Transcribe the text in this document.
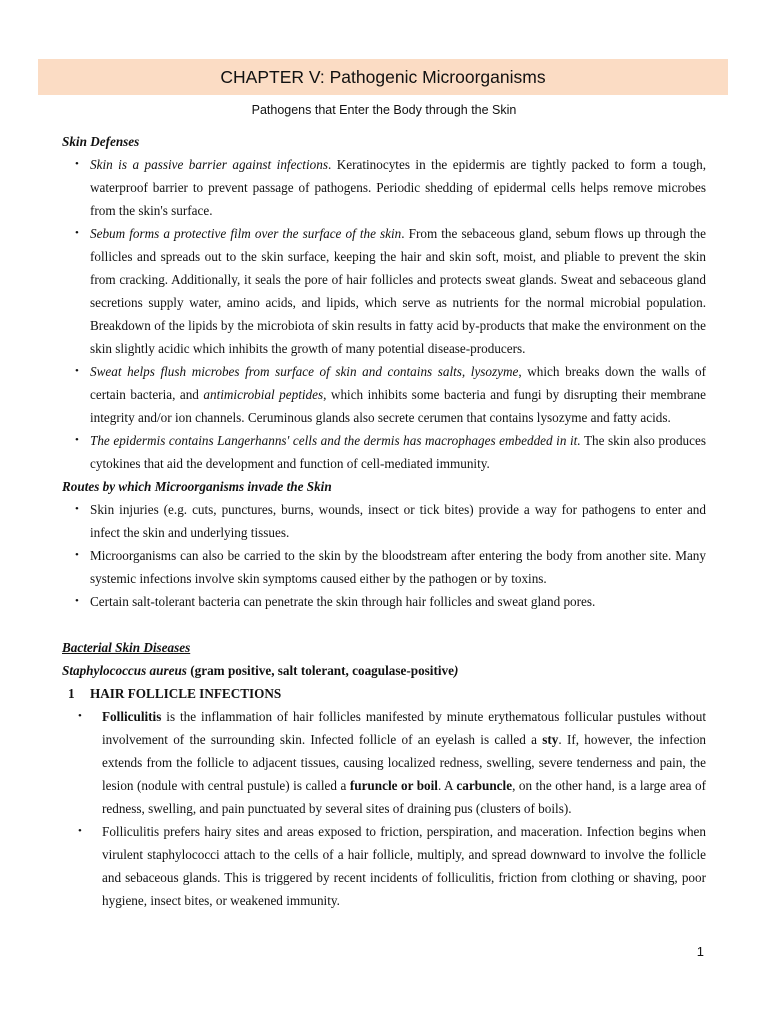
CHAPTER V: Pathogenic Microorganisms
Pathogens that Enter the Body through the Skin
Skin Defenses
• Skin is a passive barrier against infections. Keratinocytes in the epidermis are tightly packed to form a tough, waterproof barrier to prevent passage of pathogens. Periodic shedding of epidermal cells helps remove microbes from the skin's surface.
• Sebum forms a protective film over the surface of the skin. From the sebaceous gland, sebum flows up through the follicles and spreads out to the skin surface, keeping the hair and skin soft, moist, and pliable to prevent the skin from cracking. Additionally, it seals the pore of hair follicles and protects sweat glands. Sweat and sebaceous gland secretions supply water, amino acids, and lipids, which serve as nutrients for the normal microbial population. Breakdown of the lipids by the microbiota of skin results in fatty acid by-products that make the environment on the skin slightly acidic which inhibits the growth of many potential disease-producers.
• Sweat helps flush microbes from surface of skin and contains salts, lysozyme, which breaks down the walls of certain bacteria, and antimicrobial peptides, which inhibits some bacteria and fungi by disrupting their membrane integrity and/or ion channels. Ceruminous glands also secrete cerumen that contains lysozyme and fatty acids.
• The epidermis contains Langerhanns' cells and the dermis has macrophages embedded in it. The skin also produces cytokines that aid the development and function of cell-mediated immunity.
Routes by which Microorganisms invade the Skin
• Skin injuries (e.g. cuts, punctures, burns, wounds, insect or tick bites) provide a way for pathogens to enter and infect the skin and underlying tissues.
• Microorganisms can also be carried to the skin by the bloodstream after entering the body from another site. Many systemic infections involve skin symptoms caused either by the pathogen or by toxins.
• Certain salt-tolerant bacteria can penetrate the skin through hair follicles and sweat gland pores.
Bacterial Skin Diseases
Staphylococcus aureus (gram positive, salt tolerant, coagulase-positive)
1 HAIR FOLLICLE INFECTIONS
• Folliculitis is the inflammation of hair follicles manifested by minute erythematous follicular pustules without involvement of the surrounding skin. Infected follicle of an eyelash is called a sty. If, however, the infection extends from the follicle to adjacent tissues, causing localized redness, swelling, severe tenderness and pain, the lesion (nodule with central pustule) is called a furuncle or boil. A carbuncle, on the other hand, is a large area of redness, swelling, and pain punctuated by several sites of draining pus (clusters of boils).
• Folliculitis prefers hairy sites and areas exposed to friction, perspiration, and maceration. Infection begins when virulent staphylococci attach to the cells of a hair follicle, multiply, and spread downward to involve the follicle and sebaceous glands. This is triggered by recent incidents of folliculitis, friction from clothing or shaving, poor hygiene, insect bites, or weakened immunity.
1
